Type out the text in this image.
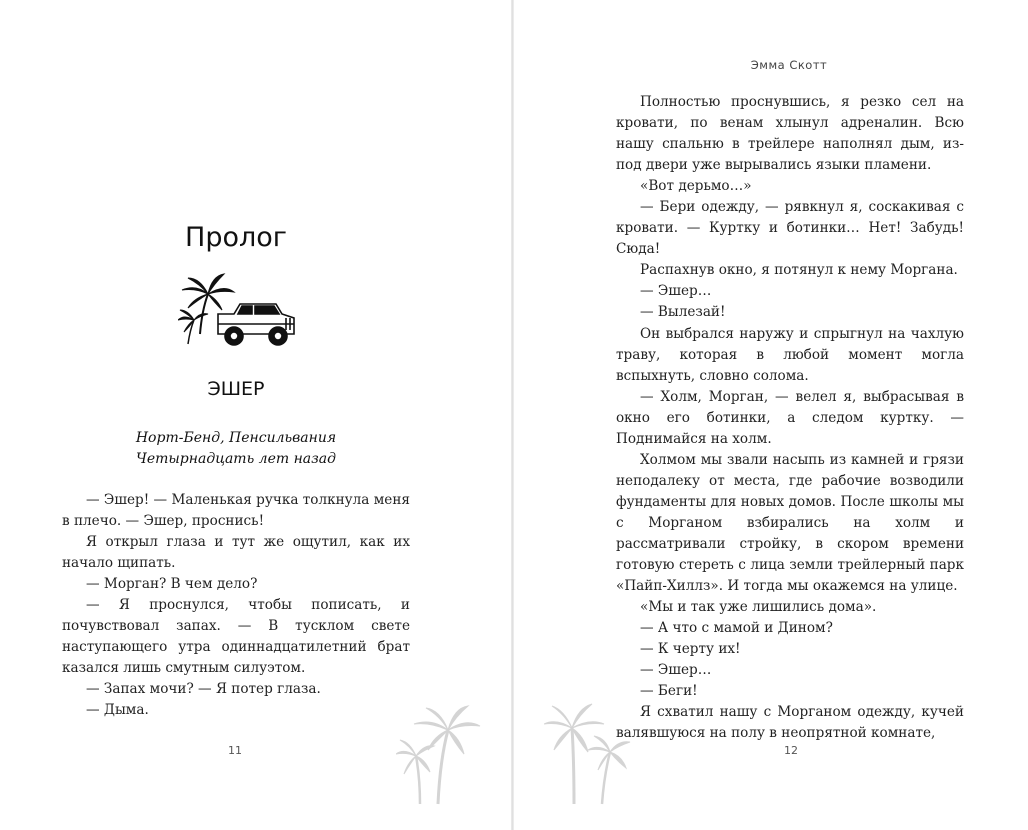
Пролог
ЭШЕР
Норт-Бенд, Пенсильвания
Четырнадцать лет назад

— Эшер! — Маленькая ручка толкнула меня в плечо. — Эшер, проснись!

Я открыл глаза и тут же ощутил, как их начало щипать.

— Морган? В чем дело?

— Я проснулся, чтобы пописать, и почувствовал запах. — В тусклом свете наступающего утра одиннадцатилетний брат казался лишь смутным силуэтом.

— Запах мочи? — Я потер глаза.

— Дыма.

11
Эмма Скотт

Полностью проснувшись, я резко сел на кровати, по венам хлынул адреналин. Всю нашу спальню в трейлере наполнял дым, из-под двери уже вырывались языки пламени.

«Вот дерьмо…»

— Бери одежду, — рявкнул я, соскакивая с кровати. — Куртку и ботинки… Нет! Забудь! Сюда!

Распахнув окно, я потянул к нему Моргана.

— Эшер…

— Вылезай!

Он выбрался наружу и спрыгнул на чахлую траву, которая в любой момент могла вспыхнуть, словно солома.

— Холм, Морган, — велел я, выбрасывая в окно его ботинки, а следом куртку. — Поднимайся на холм.

Холмом мы звали насыпь из камней и грязи неподалеку от места, где рабочие возводили фундаменты для новых домов. После школы мы с Морганом взбирались на холм и рассматривали стройку, в скором времени готовую стереть с лица земли трейлерный парк «Пайп-Хиллз». И тогда мы окажемся на улице.

«Мы и так уже лишились дома».

— А что с мамой и Дином?

— К черту их!

— Эшер…

— Беги!

Я схватил нашу с Морганом одежду, кучей валявшуюся на полу в неопрятной комнате,

12
